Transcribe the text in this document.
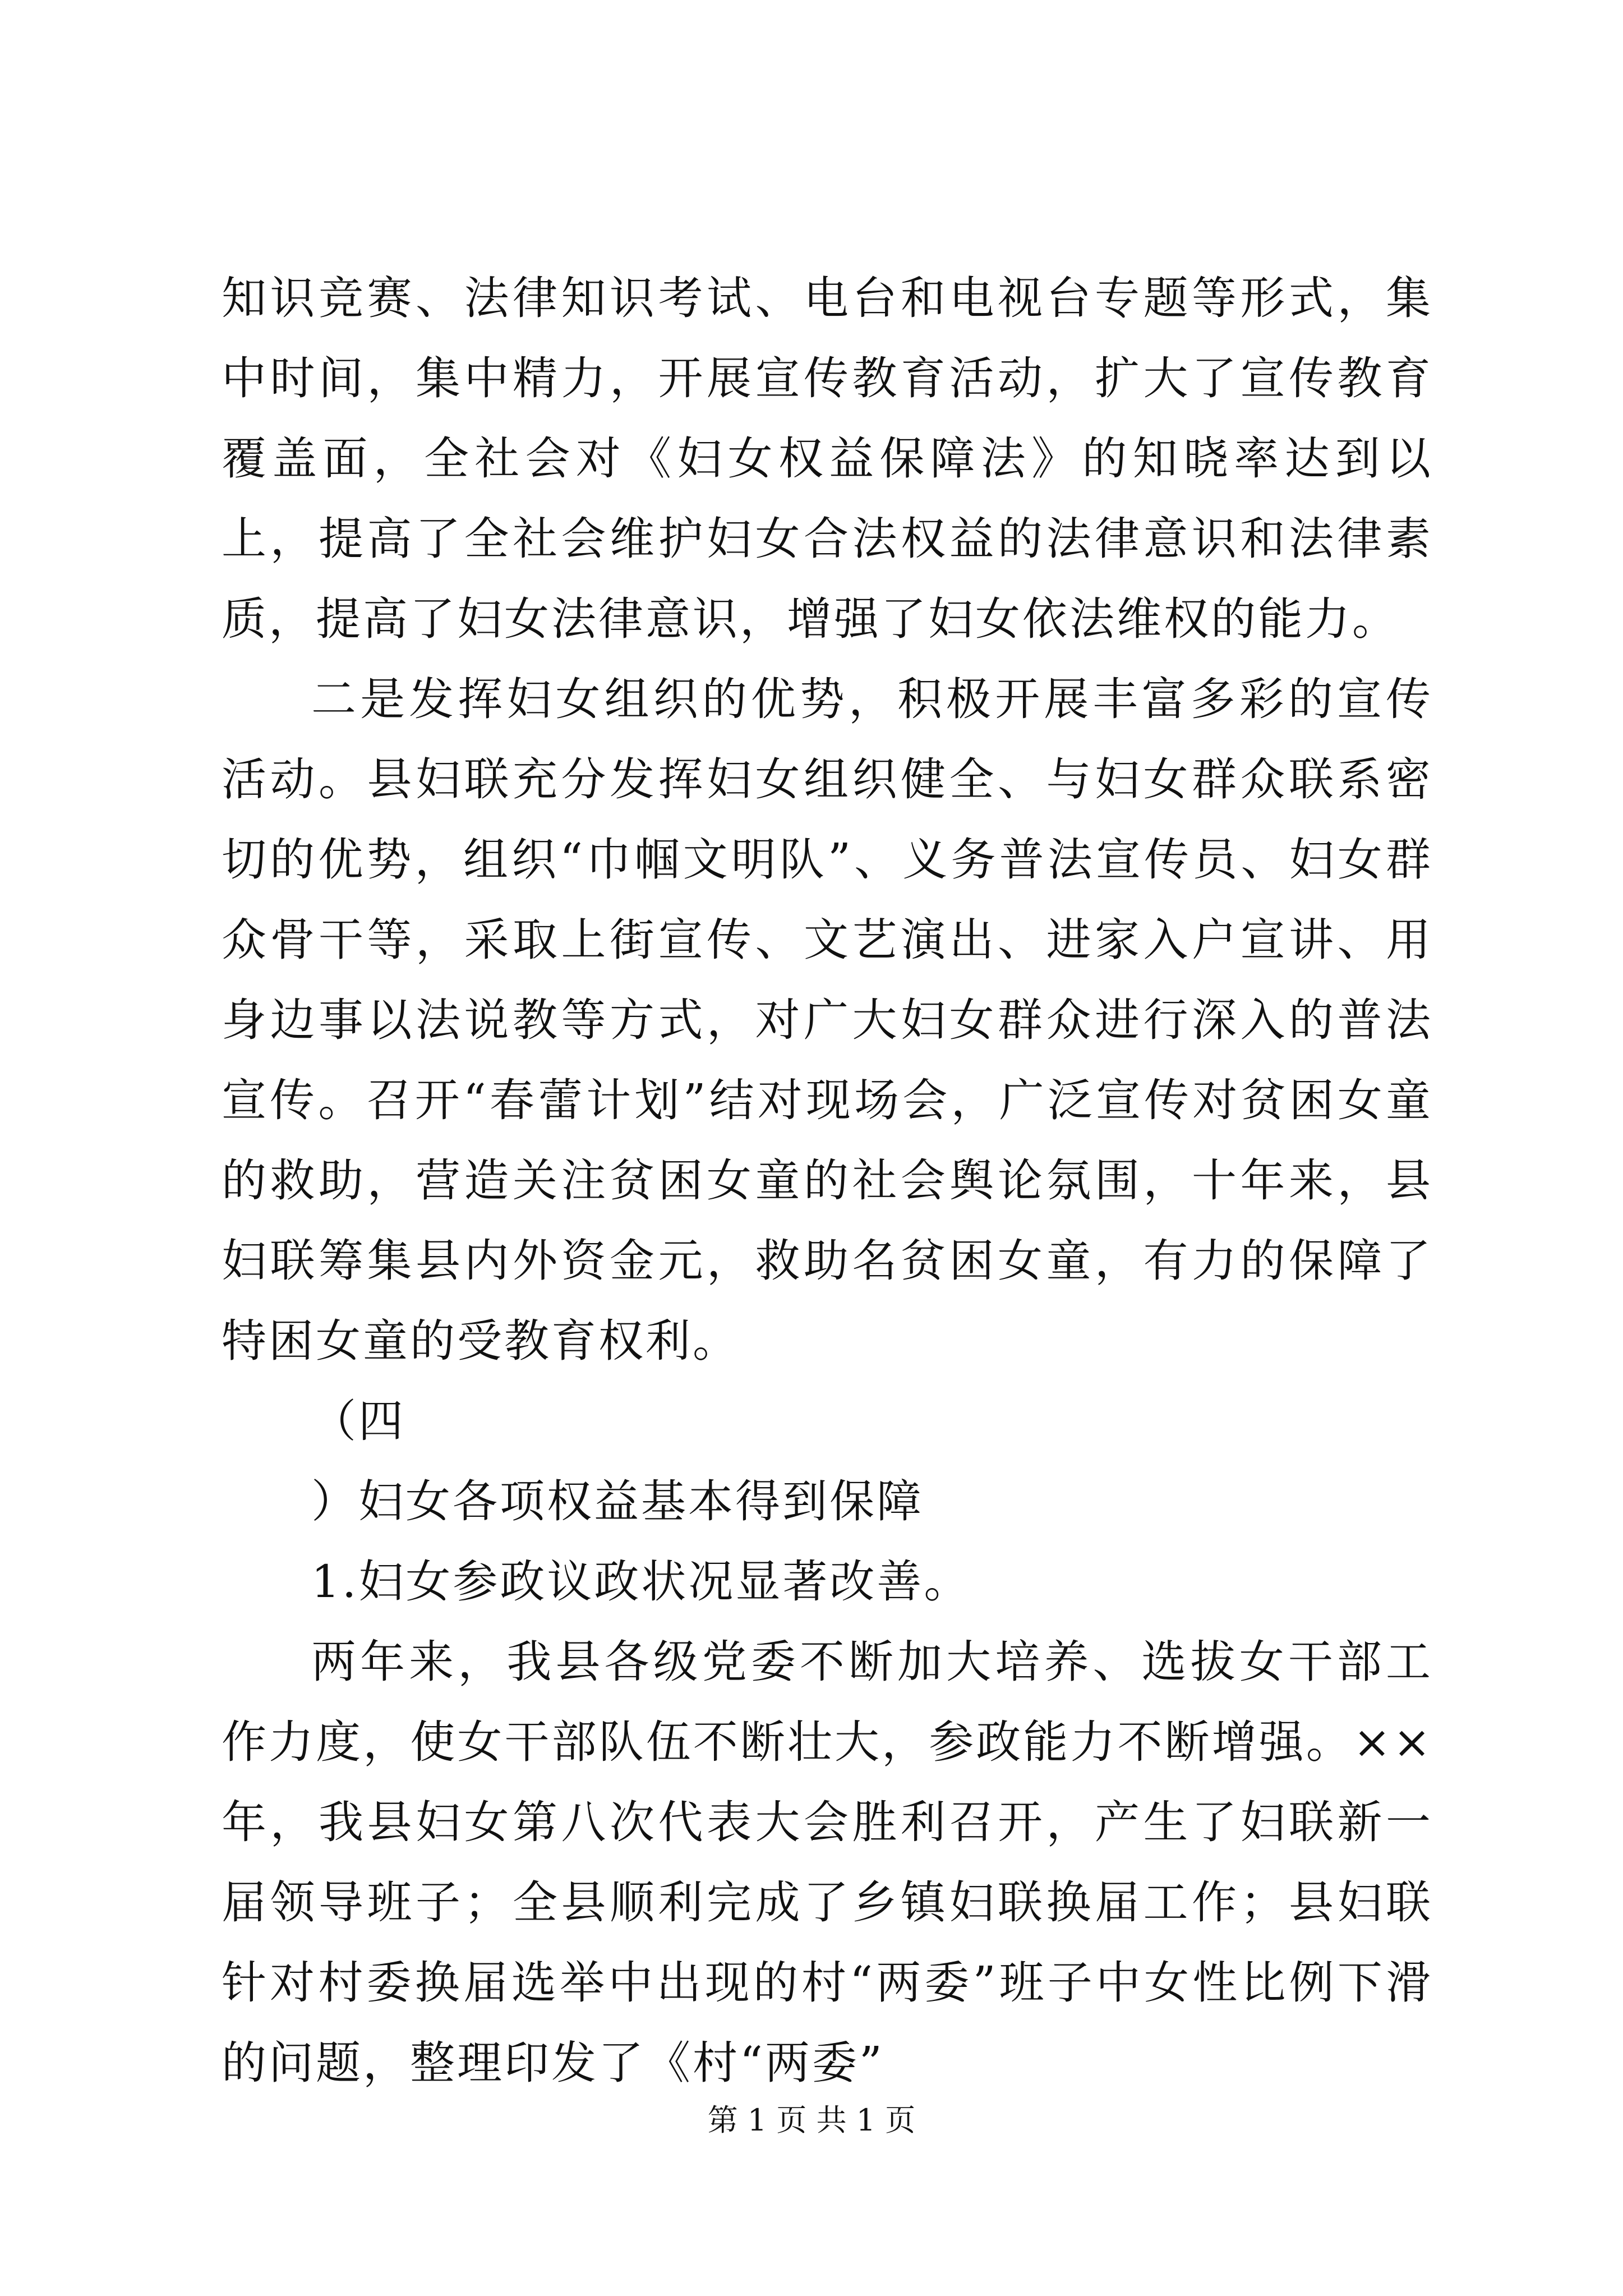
知识竞赛、法律知识考试、电台和电视台专题等形式，集中时间，集中精力，开展宣传教育活动，扩大了宣传教育覆盖面，全社会对《妇女权益保障法》的知晓率达到以上，提高了全社会维护妇女合法权益的法律意识和法律素质，提高了妇女法律意识，增强了妇女依法维权的能力。

二是发挥妇女组织的优势，积极开展丰富多彩的宣传活动。县妇联充分发挥妇女组织健全、与妇女群众联系密切的优势，组织“巾帼文明队”、义务普法宣传员、妇女群众骨干等，采取上街宣传、文艺演出、进家入户宣讲、用身边事以法说教等方式，对广大妇女群众进行深入的普法宣传。召开“春蕾计划”结对现场会，广泛宣传对贫困女童的救助，营造关注贫困女童的社会舆论氛围，十年来，县妇联筹集县内外资金元，救助名贫困女童，有力的保障了特困女童的受教育权利。

（四

）妇女各项权益基本得到保障

1.妇女参政议政状况显著改善。

两年来，我县各级党委不断加大培养、选拔女干部工作力度，使女干部队伍不断壮大，参政能力不断增强。××年，我县妇女第八次代表大会胜利召开，产生了妇联新一届领导班子；全县顺利完成了乡镇妇联换届工作；县妇联针对村委换届选举中出现的村“两委”班子中女性比例下滑的问题，整理印发了《村“两委”

第 1 页 共 1 页
